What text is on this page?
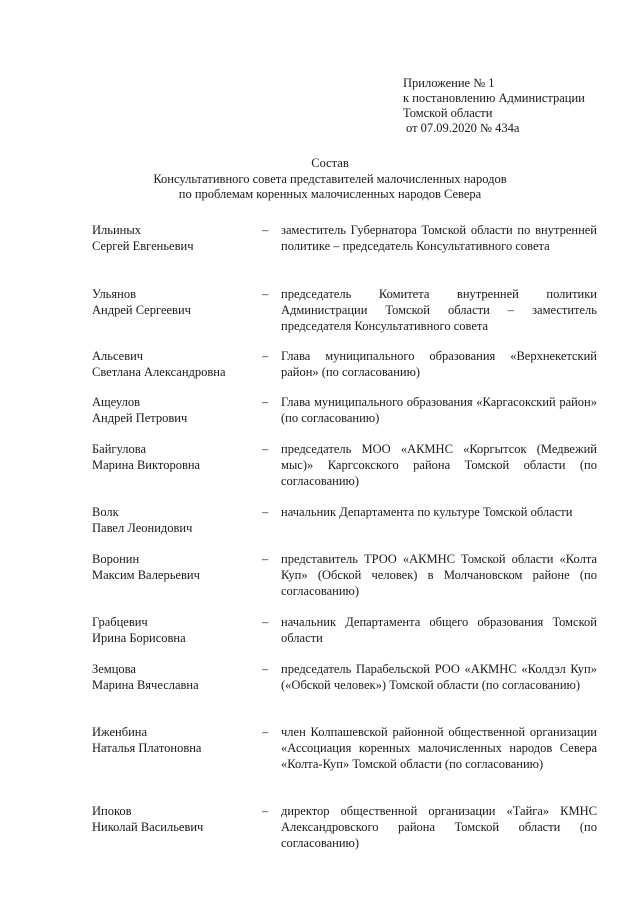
Приложение № 1
к постановлению Администрации
Томской области
от 07.09.2020 № 434а
Состав
Консультативного совета представителей малочисленных народов
по проблемам коренных малочисленных народов Севера
Ильиных
Сергей Евгеньевич
– заместитель Губернатора Томской области по внутренней политике – председатель Консультативного совета
Ульянов
Андрей Сергеевич
– председатель Комитета внутренней политики Администрации Томской области – заместитель председателя Консультативного совета
Альсевич
Светлана Александровна
– Глава муниципального образования «Верхнекетский район» (по согласованию)
Ащеулов
Андрей Петрович
– Глава муниципального образования «Каргасокский район» (по согласованию)
Байгулова
Марина Викторовна
– председатель МОО «АКМНС «Коргытсок (Медвежий мыс)» Каргсокского района Томской области (по согласованию)
Волк
Павел Леонидович
– начальник Департамента по культуре Томской области
Воронин
Максим Валерьевич
– представитель ТРОО «АКМНС Томской области «Колта Куп» (Обской человек) в Молчановском районе (по согласованию)
Грабцевич
Ирина Борисовна
– начальник Департамента общего образования Томской области
Земцова
Марина Вячеславна
– председатель Парабельской РОО «АКМНС «Колдэл Куп» («Обской человек») Томской области (по согласованию)
Иженбина
Наталья Платоновна
– член Колпашевской районной общественной организации «Ассоциация коренных малочисленных народов Севера «Колта-Куп» Томской области (по согласованию)
Ипоков
Николай Васильевич
– директор общественной организации «Тайга» КМНС Александровского района Томской области (по согласованию)
